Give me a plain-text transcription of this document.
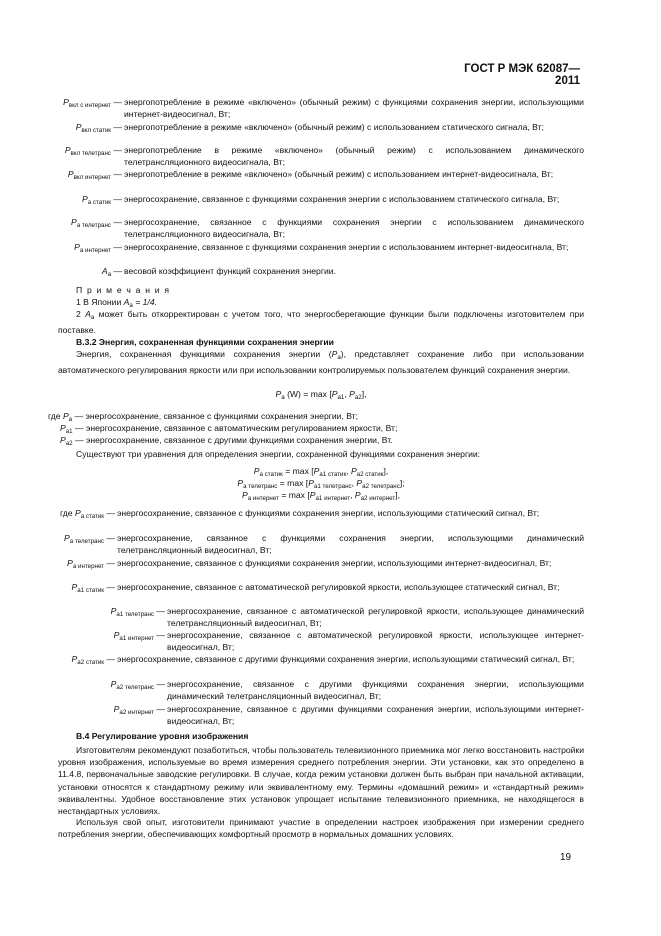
ГОСТ Р МЭК 62087—2011
$P_{вкл с интернет}$ — энергопотребление в режиме «включено» (обычный режим) с функциями сохранения энергии, использующими интернет-видеосигнал, Вт;
$P_{вкл статик}$ — энергопотребление в режиме «включено» (обычный режим) с использованием статического сигнала, Вт;
$P_{вкл телетранс}$ — энергопотребление в режиме «включено» (обычный режим) с использованием динамического телетрансляционного видеосигнала, Вт;
$P_{вкл интернет}$ — энергопотребление в режиме «включено» (обычный режим) с использованием интернет-видеосигнала, Вт;
$P_{а статик}$ — энергосохранение, связанное с функциями сохранения энергии с использованием статического сигнала, Вт;
$P_{а телетранс}$ — энергосохранение, связанное с функциями сохранения энергии с использованием динамического телетрансляционного видеосигнала, Вт;
$P_{а интернет}$ — энергосохранение, связанное с функциями сохранения энергии с использованием интернет-видеосигнала, Вт;
$A_а$ — весовой коэффициент функций сохранения энергии.
П р и м е ч а н и я
1 В Японии $A_а = 1/4$.
2 $A_а$ может быть откорректирован с учетом того, что энергосберегающие функции были подключены изготовителем при поставке.
В.3.2 Энергия, сохраненная функциями сохранения энергии
Энергия, сохраненная функциями сохранения энергии $(P_a)$, представляет сохранение либо при использовании автоматического регулирования яркости или при использовании контролируемых пользователем функций сохранения энергии.
$P_a$ $(W) = \max [P_{a1}$, $P_{a2}$],
где $P_a$ — энергосохранение, связанное с функциями сохранения энергии, Вт;
$P_{a1}$ — энергосохранение, связанное с автоматическим регулированием яркости, Вт;
$P_{a2}$ — энергосохранение, связанное с другими функциями сохранения энергии, Вт.
Существуют три уравнения для определения энергии, сохраненной функциями сохранения энергии:
$P_{а статик} = \max [P_{a1 статик}$, $P_{a2 статик}$],
$P_{а телетранс} = \max [P_{a1 телетранс}$, $P_{a2 телетранс}$];
$P_{а интернет} = \max [P_{a1 интернет}$, $P_{a2 интернет}$],
где $P_{а статик}$ — энергосохранение, связанное с функциями сохранения энергии, использующими статический сигнал, Вт;
$P_{а телетранс}$ — энергосохранение, связанное с функциями сохранения энергии, использующими динамический телетрансляционный видеосигнал, Вт;
$P_{а интернет}$ — энергосохранение, связанное с функциями сохранения энергии, использующими интернет-видеосигнал, Вт;
$P_{a1 статик}$ — энергосохранение, связанное с автоматической регулировкой яркости, использующее статический сигнал, Вт;
$P_{a1 телетранс}$ — энергосохранение, связанное с автоматической регулировкой яркости, использующее динамический телетрансляционный видеосигнал, Вт;
$P_{a1 интернет}$ — энергосохранение, связанное с автоматической регулировкой яркости, использующее интернет-видеосигнал, Вт;
$P_{a2 статик}$ — энергосохранение, связанное с другими функциями сохранения энергии, использующими статический сигнал, Вт;
$P_{a2 телетранс}$ — энергосохранение, связанное с другими функциями сохранения энергии, использующими динамический телетрансляционный видеосигнал, Вт;
$P_{a2 интернет}$ — энергосохранение, связанное с другими функциями сохранения энергии, использующими интернет-видеосигнал, Вт;
В.4 Регулирование уровня изображения
Изготовителям рекомендуют позаботиться, чтобы пользователь телевизионного приемника мог легко восстановить настройки уровня изображения, используемые во время измерения среднего потребления энергии. Эти установки, как это определено в 11.4.8, первоначальные заводские регулировки. В случае, когда режим установки должен быть выбран при начальной активации, установки относятся к стандартному режиму или эквивалентному ему. Термины «домашний режим» и «стандартный режим» эквивалентны. Удобное восстановление этих установок упрощает испытание телевизионного приемника, не находящегося в нестандартных условиях.
Используя свой опыт, изготовители принимают участие в определении настроек изображения при измерении среднего потребления энергии, обеспечивающих комфортный просмотр в нормальных домашних условиях.
19
